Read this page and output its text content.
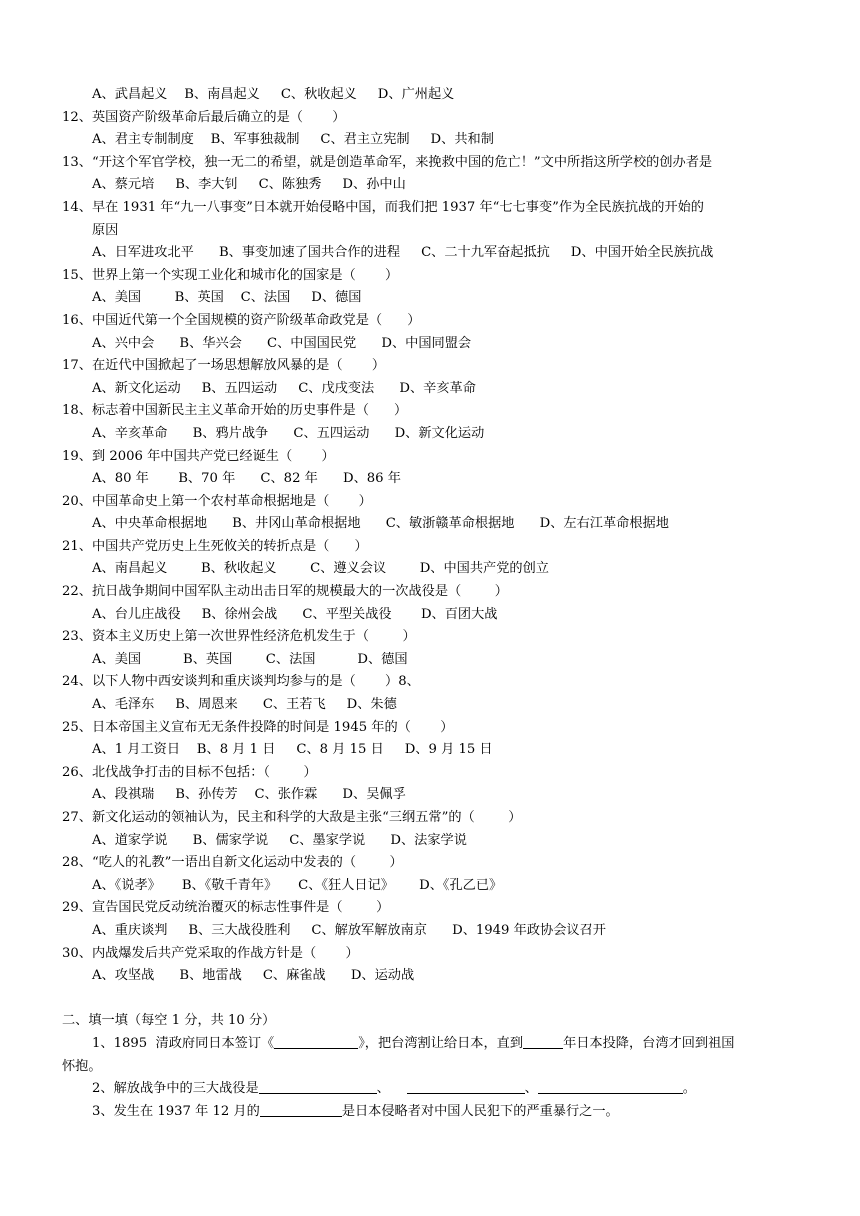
A、武昌起义    B、南昌起义     C、秋收起义     D、广州起义
12、英国资产阶级革命后最后确立的是（       ）
A、君主专制制度    B、军事独裁制     C、君主立宪制     D、共和制
13、“开这个军官学校，独一无二的希望，就是创造革命军，来挽救中国的危亡！”文中所指这所学校的创办者是
A、蔡元培     B、李大钊     C、陈独秀     D、孙中山
14、早在 1931 年“九一八事变”日本就开始侵略中国，而我们把 1937 年“七七事变”作为全民族抗战的开始的
原因
A、日军进攻北平      B、事变加速了国共合作的进程     C、二十九军奋起抵抗     D、中国开始全民族抗战
15、世界上第一个实现工业化和城市化的国家是（       ）
A、美国        B、英国    C、法国     D、德国
16、中国近代第一个全国规模的资产阶级革命政党是（      ）
A、兴中会      B、华兴会      C、中国国民党      D、中国同盟会
17、在近代中国掀起了一场思想解放风暴的是（       ）
A、新文化运动     B、五四运动     C、戊戌变法      D、辛亥革命
18、标志着中国新民主主义革命开始的历史事件是（      ）
A、辛亥革命      B、鸦片战争      C、五四运动      D、新文化运动
19、到 2006 年中国共产党已经诞生（       ）
A、80 年       B、70 年      C、82 年      D、86 年
20、中国革命史上第一个农村革命根据地是（       ）
A、中央革命根据地      B、井冈山革命根据地      C、敏浙赣革命根据地      D、左右江革命根据地
21、中国共产党历史上生死攸关的转折点是（      ）
A、南昌起义        B、秋收起义        C、遵义会议        D、中国共产党的创立
22、抗日战争期间中国军队主动出击日军的规模最大的一次战役是（        ）
A、台儿庄战役     B、徐州会战      C、平型关战役       D、百团大战
23、资本主义历史上第一次世界性经济危机发生于（        ）
A、美国          B、英国        C、法国          D、德国
24、以下人物中西安谈判和重庆谈判均参与的是（       ）8、
A、毛泽东     B、周恩来      C、王若飞     D、朱德
25、日本帝国主义宣布无无条件投降的时间是 1945 年的（       ）
A、1 月工资日    B、8 月 1 日     C、8 月 15 日     D、9 月 15 日
26、北伐战争打击的目标不包括：（        ）
A、段祺瑞     B、孙传芳    C、张作霖      D、吴佩孚
27、新文化运动的领袖认为，民主和科学的大敌是主张“三纲五常”的（        ）
A、道家学说      B、儒家学说     C、墨家学说      D、法家学说
28、“吃人的礼教”一语出自新文化运动中发表的（        ）
A、《说孝》     B、《敬千青年》     C、《狂人日记》      D、《孔乙已》
29、宣告国民党反动统治覆灭的标志性事件是（        ）
A、重庆谈判     B、三大战役胜利     C、解放军解放南京      D、1949 年政协会议召开
30、内战爆发后共产党采取的作战方针是（       ）
A、攻坚战      B、地雷战     C、麻雀战      D、运动战
二、填一填（每空 1 分，共 10 分）
1、1895  清政府同日本签订《	》，把台湾割让给日本，直到	年日本投降，台湾才回到祖国
怀抱。
2、解放战争中的三大战役是	、	、	。
3、发生在 1937 年 12 月的	是日本侵略者对中国人民犯下的严重暴行之一。
